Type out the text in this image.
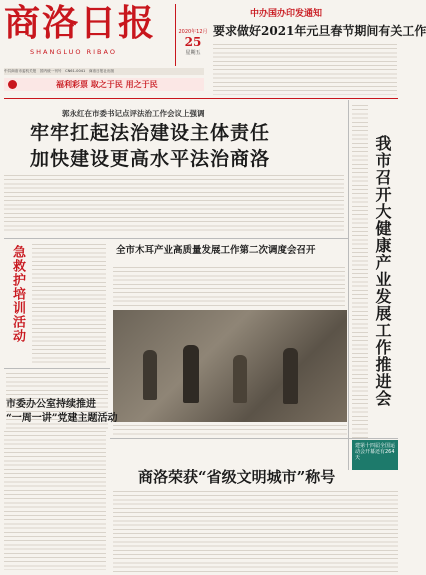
商洛日报
SHANGLUO RIBAO
2020年12月
25
星期五
中共商洛市委机关报　国内统一刊号　CN61-0041　商洛日报社出版
福利彩票 取之于民 用之于民
中办国办印发通知
要求做好2021年元旦春节期间有关工作
郭永红在市委书记点评法治工作会议上强调
牢牢扛起法治建设主体责任
加快建设更高水平法治商洛	我市召开大健康产业发展工作推进会
急救护培训活动
全市木耳产业高质量发展工作第二次调度会召开
市委办公室持续推进
“一周一讲”党建主题活动
建第十四届全国运动会开幕还有264天
商洛荣获“省级文明城市”称号
